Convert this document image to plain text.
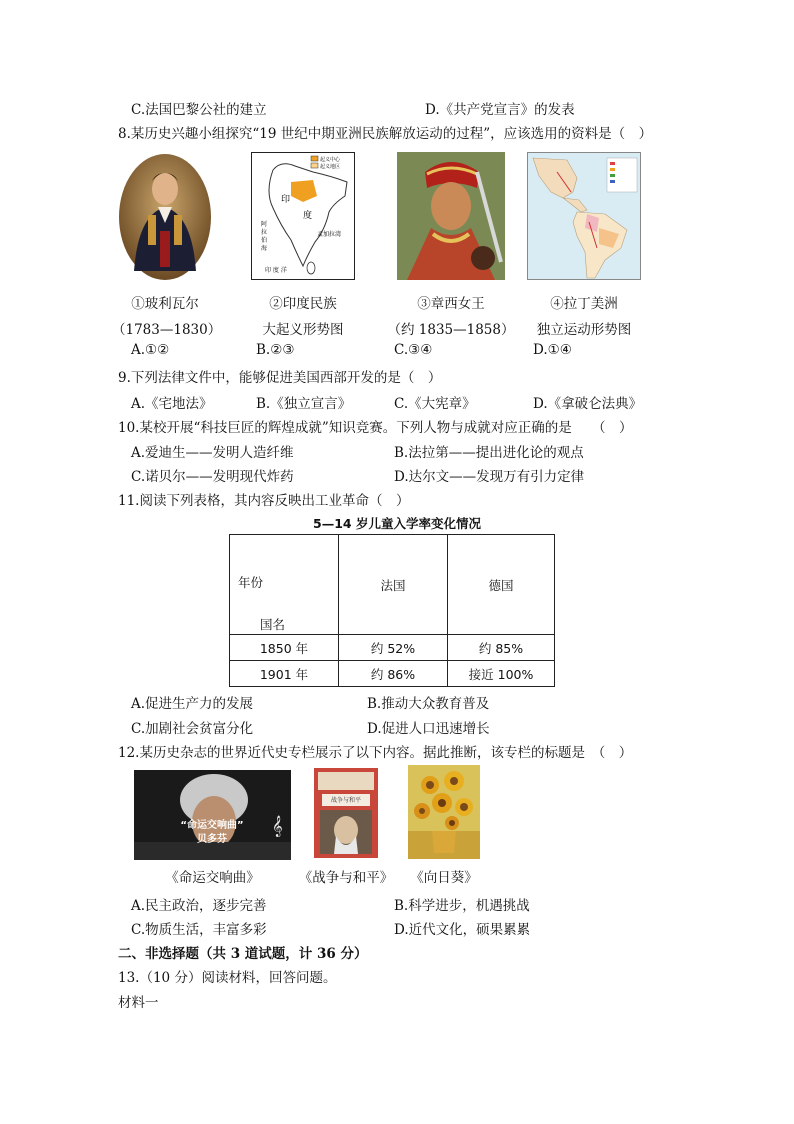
C.法国巴黎公社的建立	D.《共产党宣言》的发表
8.某历史兴趣小组探究“19 世纪中期亚洲民族解放运动的过程”，应该选用的资料是（　）
起义中心
起义地区
印
度
阿
拉
伯
海
孟加拉湾
印 度 洋
①玻利瓦尔
（1783—1830）
②印度民族
大起义形势图
③章西女王
（约 1835—1858）
④拉丁美洲
独立运动形势图
A.①②	B.②③	C.③④	D.①④
9.下列法律文件中，能够促进美国西部开发的是（　）
A.《宅地法》	B.《独立宣言》	C.《大宪章》	D.《拿破仑法典》
10.某校开展“科技巨匠的辉煌成就”知识竞赛。下列人物与成就对应正确的是　　（　）
A.爱迪生——发明人造纤维	B.法拉第——提出进化论的观点
C.诺贝尔——发明现代炸药	D.达尔文——发现万有引力定律
11.阅读下列表格，其内容反映出工业革命（　）
5—14 岁儿童入学率变化情况
年份
国名	法国	德国
1850 年	约 52%	约 85%
1901 年	约 86%	接近 100%
A.促进生产力的发展	B.推动大众教育普及
C.加剧社会贫富分化	D.促进人口迅速增长
12.某历史杂志的世界近代史专栏展示了以下内容。据此推断，该专栏的标题是　（　）
“命运交响曲”
贝多芬
𝄞
战争与和平
《命运交响曲》	《战争与和平》	《向日葵》
A.民主政治，逐步完善	B.科学进步，机遇挑战
C.物质生活，丰富多彩	D.近代文化，硕果累累
二、非选择题（共 3 道试题，计 36 分）
13.（10 分）阅读材料，回答问题。
材料一
